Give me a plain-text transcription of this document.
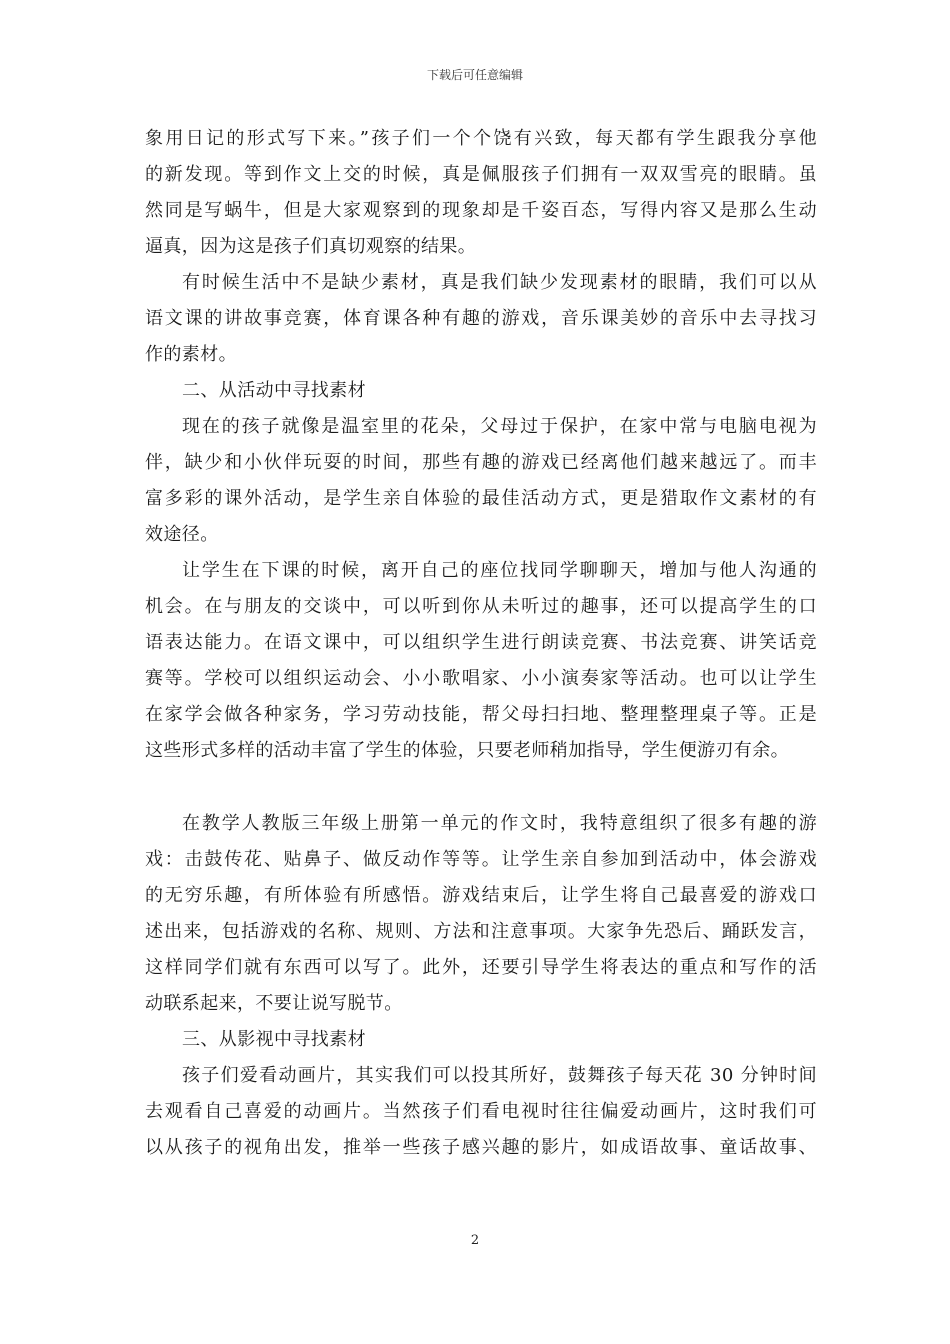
下载后可任意编辑
象用日记的形式写下来。”孩子们一个个饶有兴致，每天都有学生跟我分享他
的新发现。等到作文上交的时候，真是佩服孩子们拥有一双双雪亮的眼睛。虽
然同是写蜗牛，但是大家观察到的现象却是千姿百态，写得内容又是那么生动
逼真，因为这是孩子们真切观察的结果。
有时候生活中不是缺少素材，真是我们缺少发现素材的眼睛，我们可以从
语文课的讲故事竞赛，体育课各种有趣的游戏，音乐课美妙的音乐中去寻找习
作的素材。
二、从活动中寻找素材
现在的孩子就像是温室里的花朵，父母过于保护，在家中常与电脑电视为
伴，缺少和小伙伴玩耍的时间，那些有趣的游戏已经离他们越来越远了。而丰
富多彩的课外活动，是学生亲自体验的最佳活动方式，更是猎取作文素材的有
效途径。
让学生在下课的时候，离开自己的座位找同学聊聊天，增加与他人沟通的
机会。在与朋友的交谈中，可以听到你从未听过的趣事，还可以提高学生的口
语表达能力。在语文课中，可以组织学生进行朗读竞赛、书法竞赛、讲笑话竞
赛等。学校可以组织运动会、小小歌唱家、小小演奏家等活动。也可以让学生
在家学会做各种家务，学习劳动技能，帮父母扫扫地、整理整理桌子等。正是
这些形式多样的活动丰富了学生的体验，只要老师稍加指导，学生便游刃有余。
在教学人教版三年级上册第一单元的作文时，我特意组织了很多有趣的游
戏：击鼓传花、贴鼻子、做反动作等等。让学生亲自参加到活动中，体会游戏
的无穷乐趣，有所体验有所感悟。游戏结束后，让学生将自己最喜爱的游戏口
述出来，包括游戏的名称、规则、方法和注意事项。大家争先恐后、踊跃发言，
这样同学们就有东西可以写了。此外，还要引导学生将表达的重点和写作的活
动联系起来，不要让说写脱节。
三、从影视中寻找素材
孩子们爱看动画片，其实我们可以投其所好，鼓舞孩子每天花 30 分钟时间
去观看自己喜爱的动画片。当然孩子们看电视时往往偏爱动画片，这时我们可
以从孩子的视角出发，推举一些孩子感兴趣的影片，如成语故事、童话故事、
2
